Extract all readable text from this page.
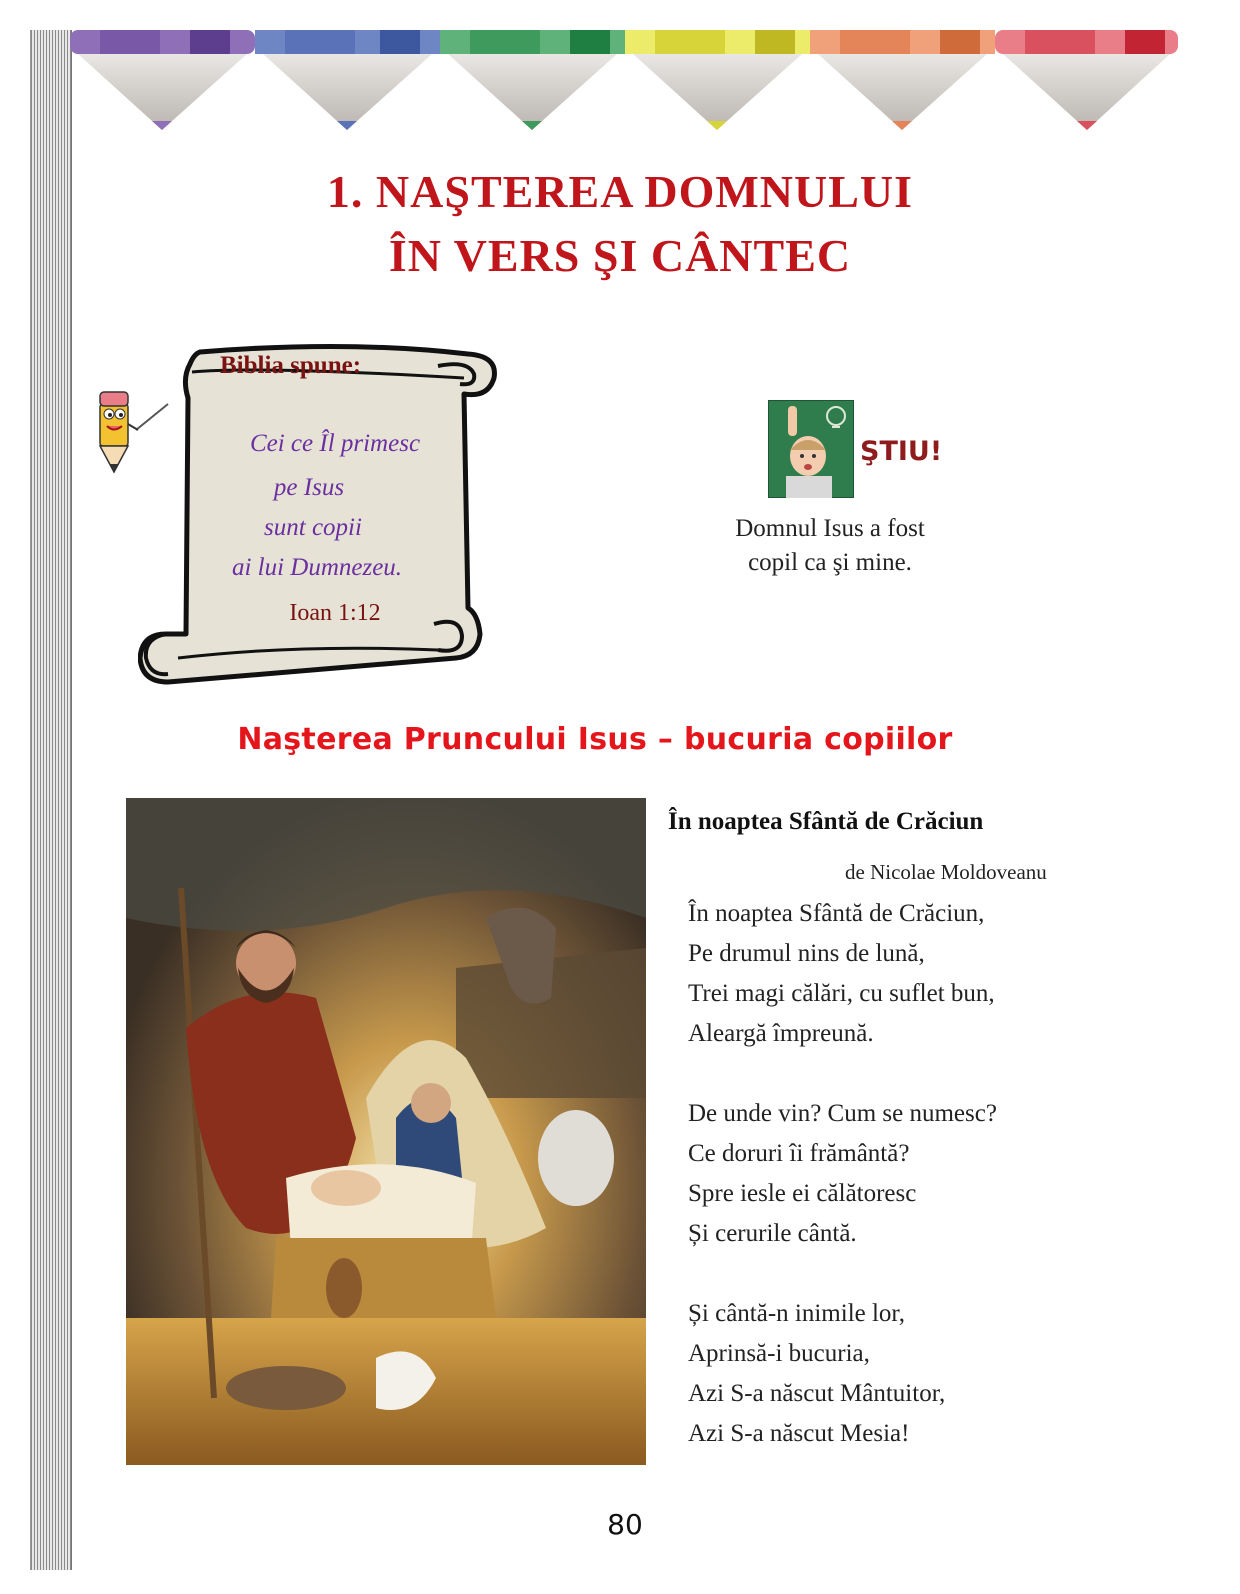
1. NAŞTEREA DOMNULUI
ÎN VERS ŞI CÂNTEC
Biblia spune:
Cei ce Îl primesc
pe Isus
sunt copii
ai lui Dumnezeu.
Ioan 1:12
ŞTIU!
Domnul Isus a fost
copil ca şi mine.
Naşterea Pruncului Isus – bucuria copiilor
În noaptea Sfântă de Crăciun
de Nicolae Moldoveanu
În noaptea Sfântă de Crăciun,
Pe drumul nins de lună,
Trei magi călări, cu suflet bun,
Aleargă împreună.
De unde vin? Cum se numesc?
Ce doruri îi frământă?
Spre iesle ei călătoresc
Și cerurile cântă.
Și cântă-n inimile lor,
Aprinsă-i bucuria,
Azi S-a născut Mântuitor,
Azi S-a născut Mesia!
80
